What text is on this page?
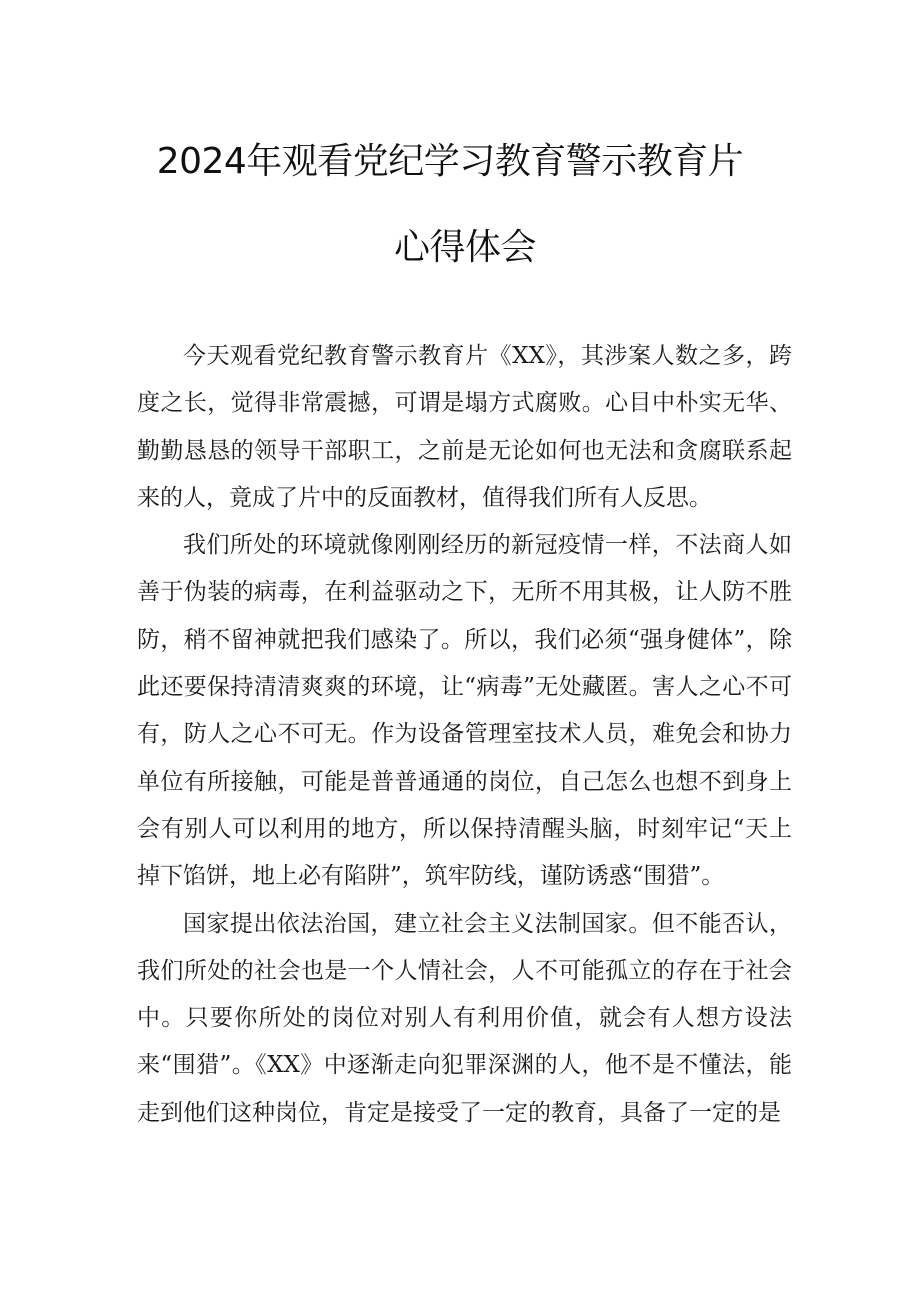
2024年观看党纪学习教育警示教育片
心得体会

今天观看党纪教育警示教育片《XX》，其涉案人数之多，跨度之长，觉得非常震撼，可谓是塌方式腐败。心目中朴实无华、勤勤恳恳的领导干部职工，之前是无论如何也无法和贪腐联系起来的人，竟成了片中的反面教材，值得我们所有人反思。

我们所处的环境就像刚刚经历的新冠疫情一样，不法商人如善于伪装的病毒，在利益驱动之下，无所不用其极，让人防不胜防，稍不留神就把我们感染了。所以，我们必须“强身健体”，除此还要保持清清爽爽的环境，让“病毒”无处藏匿。害人之心不可有，防人之心不可无。作为设备管理室技术人员，难免会和协力单位有所接触，可能是普普通通的岗位，自己怎么也想不到身上会有别人可以利用的地方，所以保持清醒头脑，时刻牢记“天上掉下馅饼，地上必有陷阱”，筑牢防线，谨防诱惑“围猎”。

国家提出依法治国，建立社会主义法制国家。但不能否认，我们所处的社会也是一个人情社会，人不可能孤立的存在于社会中。只要你所处的岗位对别人有利用价值，就会有人想方设法来“围猎”。《XX》中逐渐走向犯罪深渊的人，他不是不懂法，能走到他们这种岗位，肯定是接受了一定的教育，具备了一定的是
